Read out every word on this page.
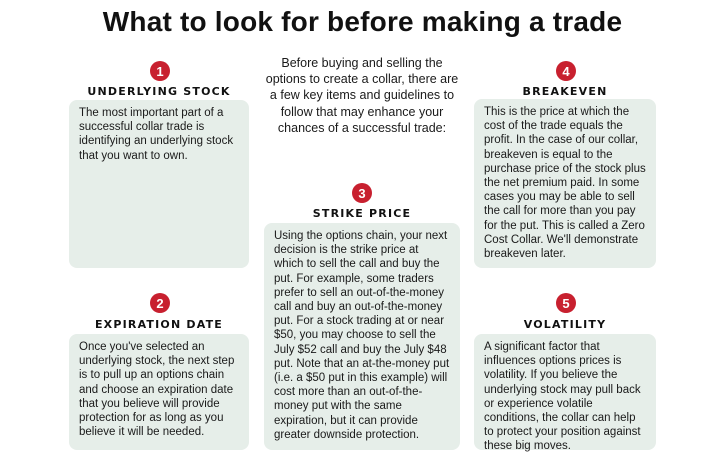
What to look for before making a trade
Before buying and selling the options to create a collar, there are a few key items and guidelines to follow that may enhance your chances of a successful trade:
1
UNDERLYING STOCK
The most important part of a successful collar trade is identifying an underlying stock that you want to own.
2
EXPIRATION DATE
Once you've selected an underlying stock, the next step is to pull up an options chain and choose an expiration date that you believe will provide protection for as long as you believe it will be needed.
3
STRIKE PRICE
Using the options chain, your next decision is the strike price at which to sell the call and buy the put. For example, some traders prefer to sell an out-of-the-money call and buy an out-of-the-money put. For a stock trading at or near $50, you may choose to sell the July $52 call and buy the July $48 put. Note that an at-the-money put (i.e. a $50 put in this example) will cost more than an out-of-the-money put with the same expiration, but it can provide greater downside protection.
4
BREAKEVEN
This is the price at which the cost of the trade equals the profit. In the case of our collar, breakeven is equal to the purchase price of the stock plus the net premium paid. In some cases you may be able to sell the call for more than you pay for the put. This is called a Zero Cost Collar. We'll demonstrate breakeven later.
5
VOLATILITY
A significant factor that influences options prices is volatility. If you believe the underlying stock may pull back or experience volatile conditions, the collar can help to protect your position against these big moves.
